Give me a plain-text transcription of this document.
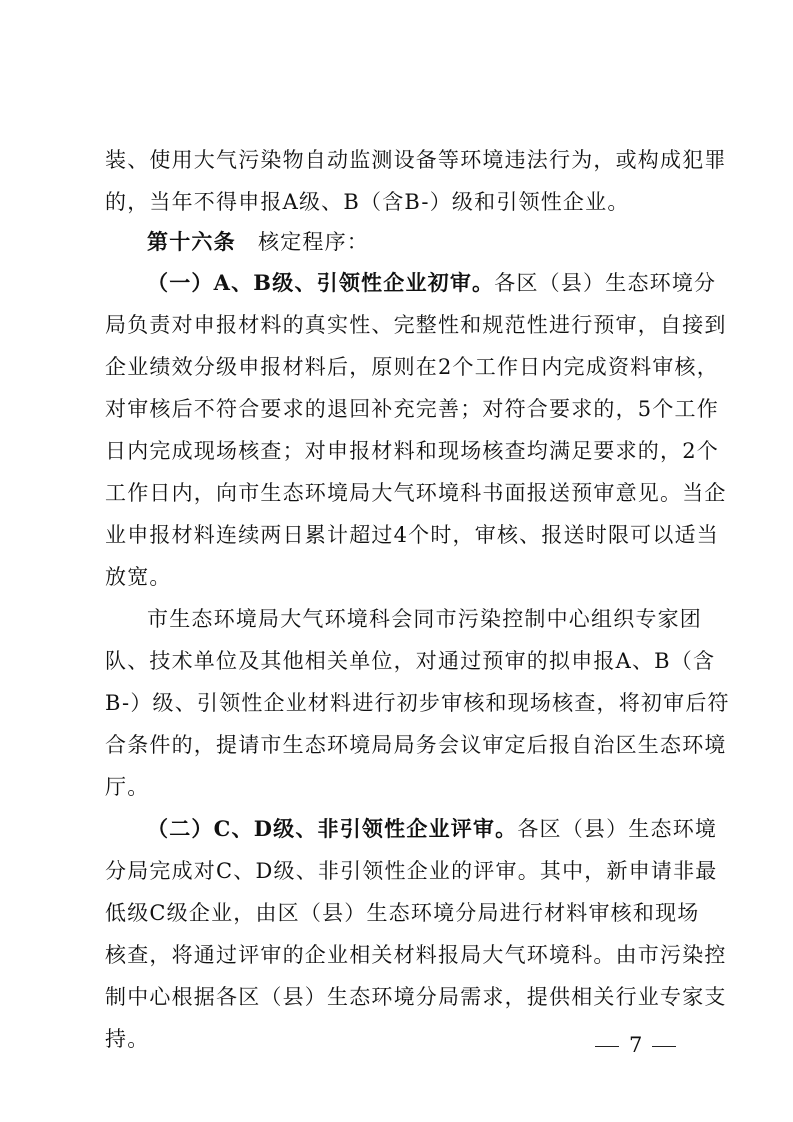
装、使用大气污染物自动监测设备等环境违法行为，或构成犯罪
的，当年不得申报A级、B（含B-）级和引领性企业。
第十六条　核定程序：
（一）A、B级、引领性企业初审。各区（县）生态环境分
局负责对申报材料的真实性、完整性和规范性进行预审，自接到
企业绩效分级申报材料后，原则在2个工作日内完成资料审核，
对审核后不符合要求的退回补充完善；对符合要求的，5个工作
日内完成现场核查；对申报材料和现场核查均满足要求的，2个
工作日内，向市生态环境局大气环境科书面报送预审意见。当企
业申报材料连续两日累计超过4个时，审核、报送时限可以适当
放宽。
市生态环境局大气环境科会同市污染控制中心组织专家团
队、技术单位及其他相关单位，对通过预审的拟申报A、B（含
B-）级、引领性企业材料进行初步审核和现场核查，将初审后符
合条件的，提请市生态环境局局务会议审定后报自治区生态环境
厅。
（二）C、D级、非引领性企业评审。各区（县）生态环境
分局完成对C、D级、非引领性企业的评审。其中，新申请非最
低级C级企业，由区（县）生态环境分局进行材料审核和现场
核查，将通过评审的企业相关材料报局大气环境科。由市污染控
制中心根据各区（县）生态环境分局需求，提供相关行业专家支
持。	7
